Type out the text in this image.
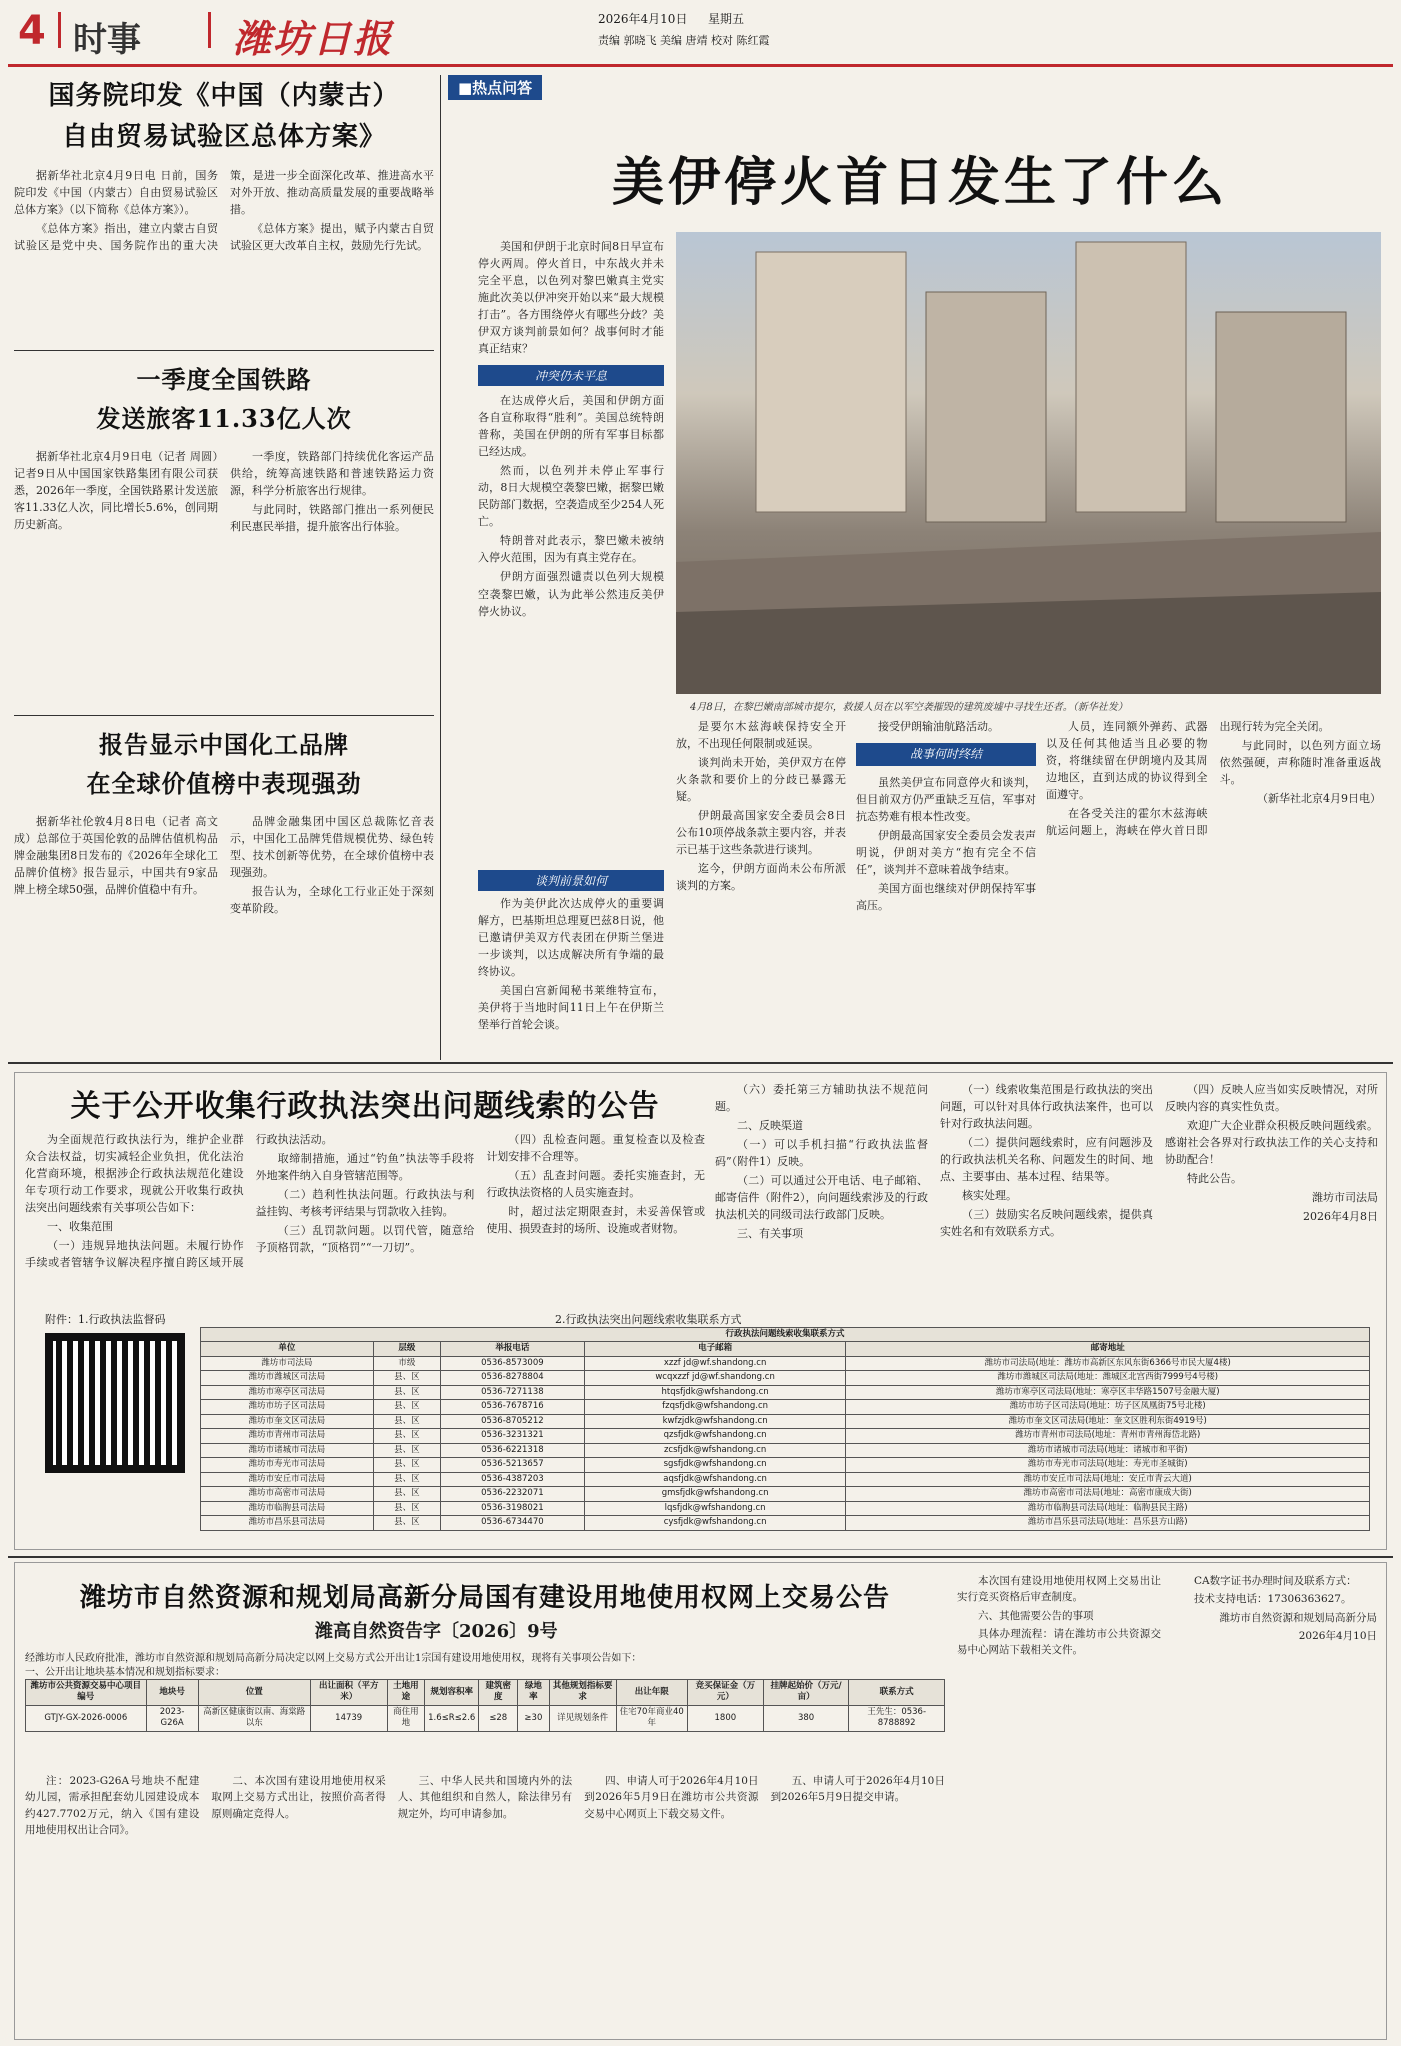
4 时事 潍坊日报	2026年4月10日 星期五
责编 郭晓飞 美编 唐靖 校对 陈红霞
国务院印发《中国（内蒙古）
自由贸易试验区总体方案》

据新华社北京4月9日电 日前，国务院印发《中国（内蒙古）自由贸易试验区总体方案》（以下简称《总体方案》）。

《总体方案》指出，建立内蒙古自贸试验区是党中央、国务院作出的重大决策，是进一步全面深化改革、推进高水平对外开放、推动高质量发展的重要战略举措。

《总体方案》提出，赋予内蒙古自贸试验区更大改革自主权，鼓励先行先试。

一季度全国铁路
发送旅客11.33亿人次

据新华社北京4月9日电（记者 周圆）记者9日从中国国家铁路集团有限公司获悉，2026年一季度，全国铁路累计发送旅客11.33亿人次，同比增长5.6%，创同期历史新高。

一季度，铁路部门持续优化客运产品供给，统筹高速铁路和普速铁路运力资源，科学分析旅客出行规律。

与此同时，铁路部门推出一系列便民利民惠民举措，提升旅客出行体验。

报告显示中国化工品牌
在全球价值榜中表现强劲

据新华社伦敦4月8日电（记者 高文成）总部位于英国伦敦的品牌估值机构品牌金融集团8日发布的《2026年全球化工品牌价值榜》报告显示，中国共有9家品牌上榜全球50强，品牌价值稳中有升。

品牌金融集团中国区总裁陈忆音表示，中国化工品牌凭借规模优势、绿色转型、技术创新等优势，在全球价值榜中表现强劲。

报告认为，全球化工行业正处于深刻变革阶段。

■热点问答
美伊停火首日发生了什么

美国和伊朗于北京时间8日早宣布停火两周。停火首日，中东战火并未完全平息，以色列对黎巴嫩真主党实施此次美以伊冲突开始以来“最大规模打击”。各方围绕停火有哪些分歧？美伊双方谈判前景如何？战事何时才能真正结束？

冲突仍未平息

在达成停火后，美国和伊朗方面各自宣称取得“胜利”。美国总统特朗普称，美国在伊朗的所有军事目标都已经达成。

然而，以色列并未停止军事行动，8日大规模空袭黎巴嫩，据黎巴嫩民防部门数据，空袭造成至少254人死亡。

特朗普对此表示，黎巴嫩未被纳入停火范围，因为有真主党存在。

伊朗方面强烈谴责以色列大规模空袭黎巴嫩，认为此举公然违反美伊停火协议。

谈判前景如何

作为美伊此次达成停火的重要调解方，巴基斯坦总理夏巴兹8日说，他已邀请伊美双方代表团在伊斯兰堡进一步谈判，以达成解决所有争端的最终协议。

美国白宫新闻秘书莱维特宣布，美伊将于当地时间11日上午在伊斯兰堡举行首轮会谈。

4月8日，在黎巴嫩南部城市提尔，救援人员在以军空袭摧毁的建筑废墟中寻找生还者。（新华社发）

是要尔木兹海峡保持安全开放，不出现任何限制或延误。

谈判尚未开始，美伊双方在停火条款和要价上的分歧已暴露无疑。

伊朗最高国家安全委员会8日公布10项停战条款主要内容，并表示已基于这些条款进行谈判。

迄今，伊朗方面尚未公布所派谈判的方案。

接受伊朗输油航路活动。

战事何时终结

虽然美伊宣布同意停火和谈判，但目前双方仍严重缺乏互信，军事对抗态势难有根本性改变。

伊朗最高国家安全委员会发表声明说，伊朗对美方“抱有完全不信任”，谈判并不意味着战争结束。

美国方面也继续对伊朗保持军事高压。

人员，连同额外弹药、武器以及任何其他适当且必要的物资，将继续留在伊朗境内及其周边地区，直到达成的协议得到全面遵守。

在各受关注的霍尔木兹海峡航运问题上，海峡在停火首日即出现行转为完全关闭。

与此同时，以色列方面立场依然强硬，声称随时准备重返战斗。

（新华社北京4月9日电）

关于公开收集行政执法突出问题线索的公告

为全面规范行政执法行为，维护企业群众合法权益，切实减轻企业负担，优化法治化营商环境，根据涉企行政执法规范化建设年专项行动工作要求，现就公开收集行政执法突出问题线索有关事项公告如下：

一、收集范围

（一）违规异地执法问题。未履行协作手续或者管辖争议解决程序擅自跨区域开展行政执法活动。

取缔制措施，通过“钓鱼”执法等手段将外地案件纳入自身管辖范围等。

（二）趋利性执法问题。行政执法与利益挂钩、考核考评结果与罚款收入挂钩。

（三）乱罚款问题。以罚代管，随意给予顶格罚款，“顶格罚”“一刀切”。

（四）乱检查问题。重复检查以及检查计划安排不合理等。

（五）乱查封问题。委托实施查封，无行政执法资格的人员实施查封。

时，超过法定期限查封，未妥善保管或使用、损毁查封的场所、设施或者财物。

（六）委托第三方辅助执法不规范问题。

二、反映渠道

（一）可以手机扫描“行政执法监督码”（附件1）反映。

（二）可以通过公开电话、电子邮箱、邮寄信件（附件2），向问题线索涉及的行政执法机关的同级司法行政部门反映。

三、有关事项

（一）线索收集范围是行政执法的突出问题，可以针对具体行政执法案件，也可以针对行政执法问题。

（二）提供问题线索时，应有问题涉及的行政执法机关名称、问题发生的时间、地点、主要事由、基本过程、结果等。

核实处理。

（三）鼓励实名反映问题线索，提供真实姓名和有效联系方式。

（四）反映人应当如实反映情况，对所反映内容的真实性负责。

欢迎广大企业群众积极反映问题线索。感谢社会各界对行政执法工作的关心支持和协助配合！

特此公告。

潍坊市司法局

2026年4月8日

附件：1.行政执法监督码	2.行政执法突出问题线索收集联系方式
行政执法问题线索收集联系方式				
单位	层级	举报电话	电子邮箱	邮寄地址
潍坊市司法局	市级	0536-8573009	xzzf jd@wf.shandong.cn	潍坊市司法局(地址：潍坊市高新区东风东街6366号市民大厦4楼)
潍坊市潍城区司法局	县、区	0536-8278804	wcqxzzf jd@wf.shandong.cn	潍坊市潍城区司法局(地址：潍城区北宫西街7999号4号楼)
潍坊市寒亭区司法局	县、区	0536-7271138	htqsfjdk@wfshandong.cn	潍坊市寒亭区司法局(地址：寒亭区丰华路1507号金融大厦)
潍坊市坊子区司法局	县、区	0536-7678716	fzqsfjdk@wfshandong.cn	潍坊市坊子区司法局(地址：坊子区凤凰街75号北楼)
潍坊市奎文区司法局	县、区	0536-8705212	kwfzjdk@wfshandong.cn	潍坊市奎文区司法局(地址：奎文区胜利东街4919号)
潍坊市青州市司法局	县、区	0536-3231321	qzsfjdk@wfshandong.cn	潍坊市青州市司法局(地址：青州市青州海岱北路)
潍坊市诸城市司法局	县、区	0536-6221318	zcsfjdk@wfshandong.cn	潍坊市诸城市司法局(地址：诸城市和平街)
潍坊市寿光市司法局	县、区	0536-5213657	sgsfjdk@wfshandong.cn	潍坊市寿光市司法局(地址：寿光市圣城街)
潍坊市安丘市司法局	县、区	0536-4387203	aqsfjdk@wfshandong.cn	潍坊市安丘市司法局(地址：安丘市青云大道)
潍坊市高密市司法局	县、区	0536-2232071	gmsfjdk@wfshandong.cn	潍坊市高密市司法局(地址：高密市康成大街)
潍坊市临朐县司法局	县、区	0536-3198021	lqsfjdk@wfshandong.cn	潍坊市临朐县司法局(地址：临朐县民主路)
潍坊市昌乐县司法局	县、区	0536-6734470	cysfjdk@wfshandong.cn	潍坊市昌乐县司法局(地址：昌乐县方山路)
潍坊市自然资源和规划局高新分局国有建设用地使用权网上交易公告
潍高自然资告字〔2026〕9号
经潍坊市人民政府批准，潍坊市自然资源和规划局高新分局决定以网上交易方式公开出让1宗国有建设用地使用权，现将有关事项公告如下：
一、公开出让地块基本情况和规划指标要求：
潍坊市公共资源交易中心项目编号	地块号	位置	出让面积（平方米）	土地用途	规划容积率	建筑密度	绿地率	其他规划指标要求	出让年限	竞买保证金（万元）	挂牌起始价（万元/亩）	联系方式
GTJY-GX-2026-0006	2023-G26A	高新区健康街以南、海棠路以东	14739	商住用地	1.6≤R≤2.6	≤28	≥30	详见规划条件	住宅70年商业40年	1800	380	王先生：0536-8788892

注：2023-G26A号地块不配建幼儿园，需承担配套幼儿园建设成本约427.7702万元，纳入《国有建设用地使用权出让合同》。

二、本次国有建设用地使用权采取网上交易方式出让，按照价高者得原则确定竞得人。

三、中华人民共和国境内外的法人、其他组织和自然人，除法律另有规定外，均可申请参加。

四、申请人可于2026年4月10日到2026年5月9日在潍坊市公共资源交易中心网页上下载交易文件。

五、申请人可于2026年4月10日到2026年5月9日提交申请。

本次国有建设用地使用权网上交易出让实行竞买资格后审查制度。

六、其他需要公告的事项

具体办理流程：请在潍坊市公共资源交易中心网站下载相关文件。

CA数字证书办理时间及联系方式：

技术支持电话：17306363627。

潍坊市自然资源和规划局高新分局

2026年4月10日
